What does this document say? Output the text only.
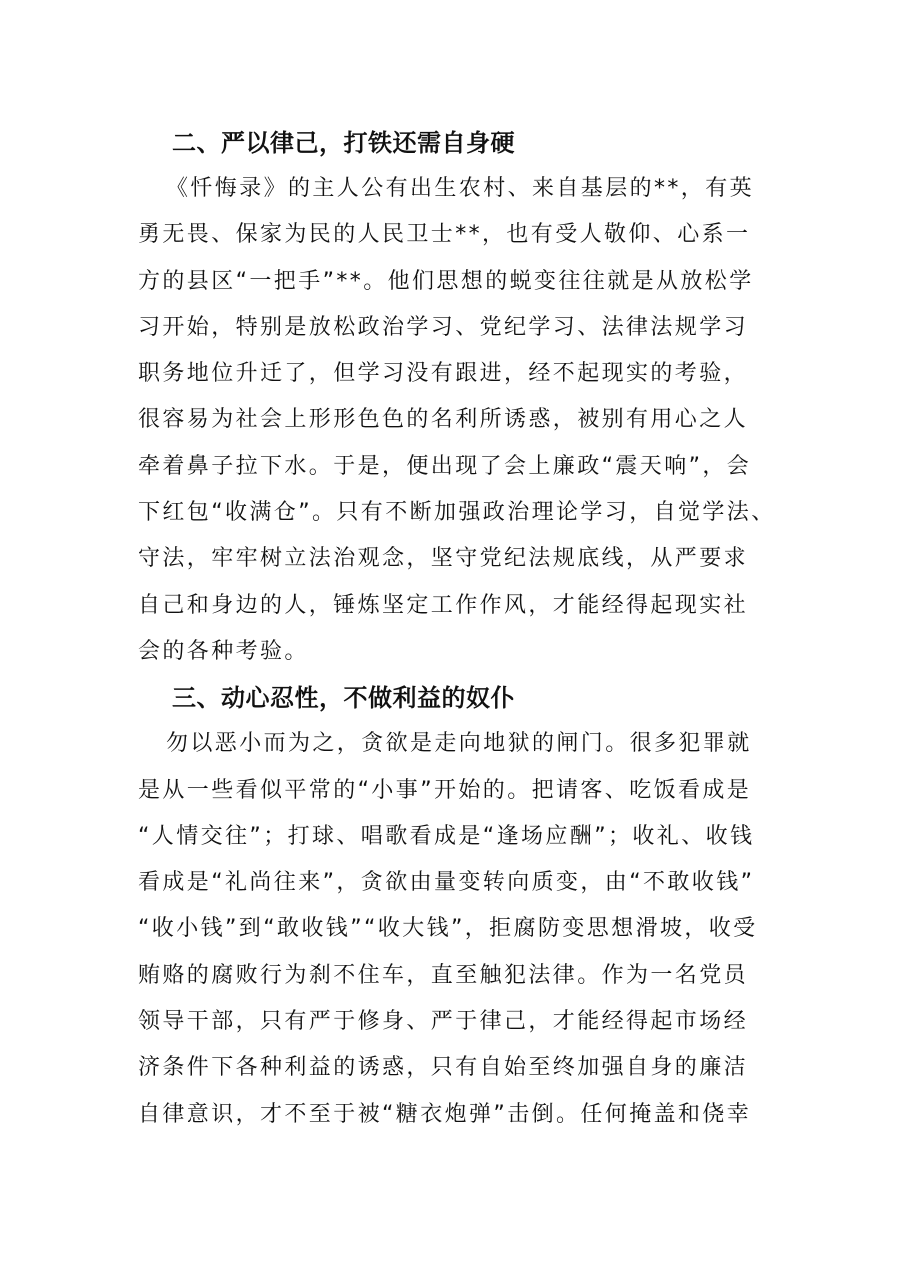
二、严以律己，打铁还需自身硬
《忏悔录》的主人公有出生农村、来自基层的**，有英
勇无畏、保家为民的人民卫士**，也有受人敬仰、心系一
方的县区“一把手”**。他们思想的蜕变往往就是从放松学
习开始，特别是放松政治学习、党纪学习、法律法规学习
职务地位升迁了，但学习没有跟进，经不起现实的考验，
很容易为社会上形形色色的名利所诱惑，被别有用心之人
牵着鼻子拉下水。于是，便出现了会上廉政“震天响”，会
下红包“收满仓”。只有不断加强政治理论学习，自觉学法、
守法，牢牢树立法治观念，坚守党纪法规底线，从严要求
自己和身边的人，锤炼坚定工作作风，才能经得起现实社
会的各种考验。
三、动心忍性，不做利益的奴仆
勿以恶小而为之，贪欲是走向地狱的闸门。很多犯罪就
是从一些看似平常的“小事”开始的。把请客、吃饭看成是
“人情交往”；打球、唱歌看成是“逢场应酬”；收礼、收钱
看成是“礼尚往来”，贪欲由量变转向质变，由“不敢收钱”
“收小钱”到“敢收钱”“收大钱”，拒腐防变思想滑坡，收受
贿赂的腐败行为刹不住车，直至触犯法律。作为一名党员
领导干部，只有严于修身、严于律己，才能经得起市场经
济条件下各种利益的诱惑，只有自始至终加强自身的廉洁
自律意识，才不至于被“糖衣炮弹”击倒。任何掩盖和侥幸
